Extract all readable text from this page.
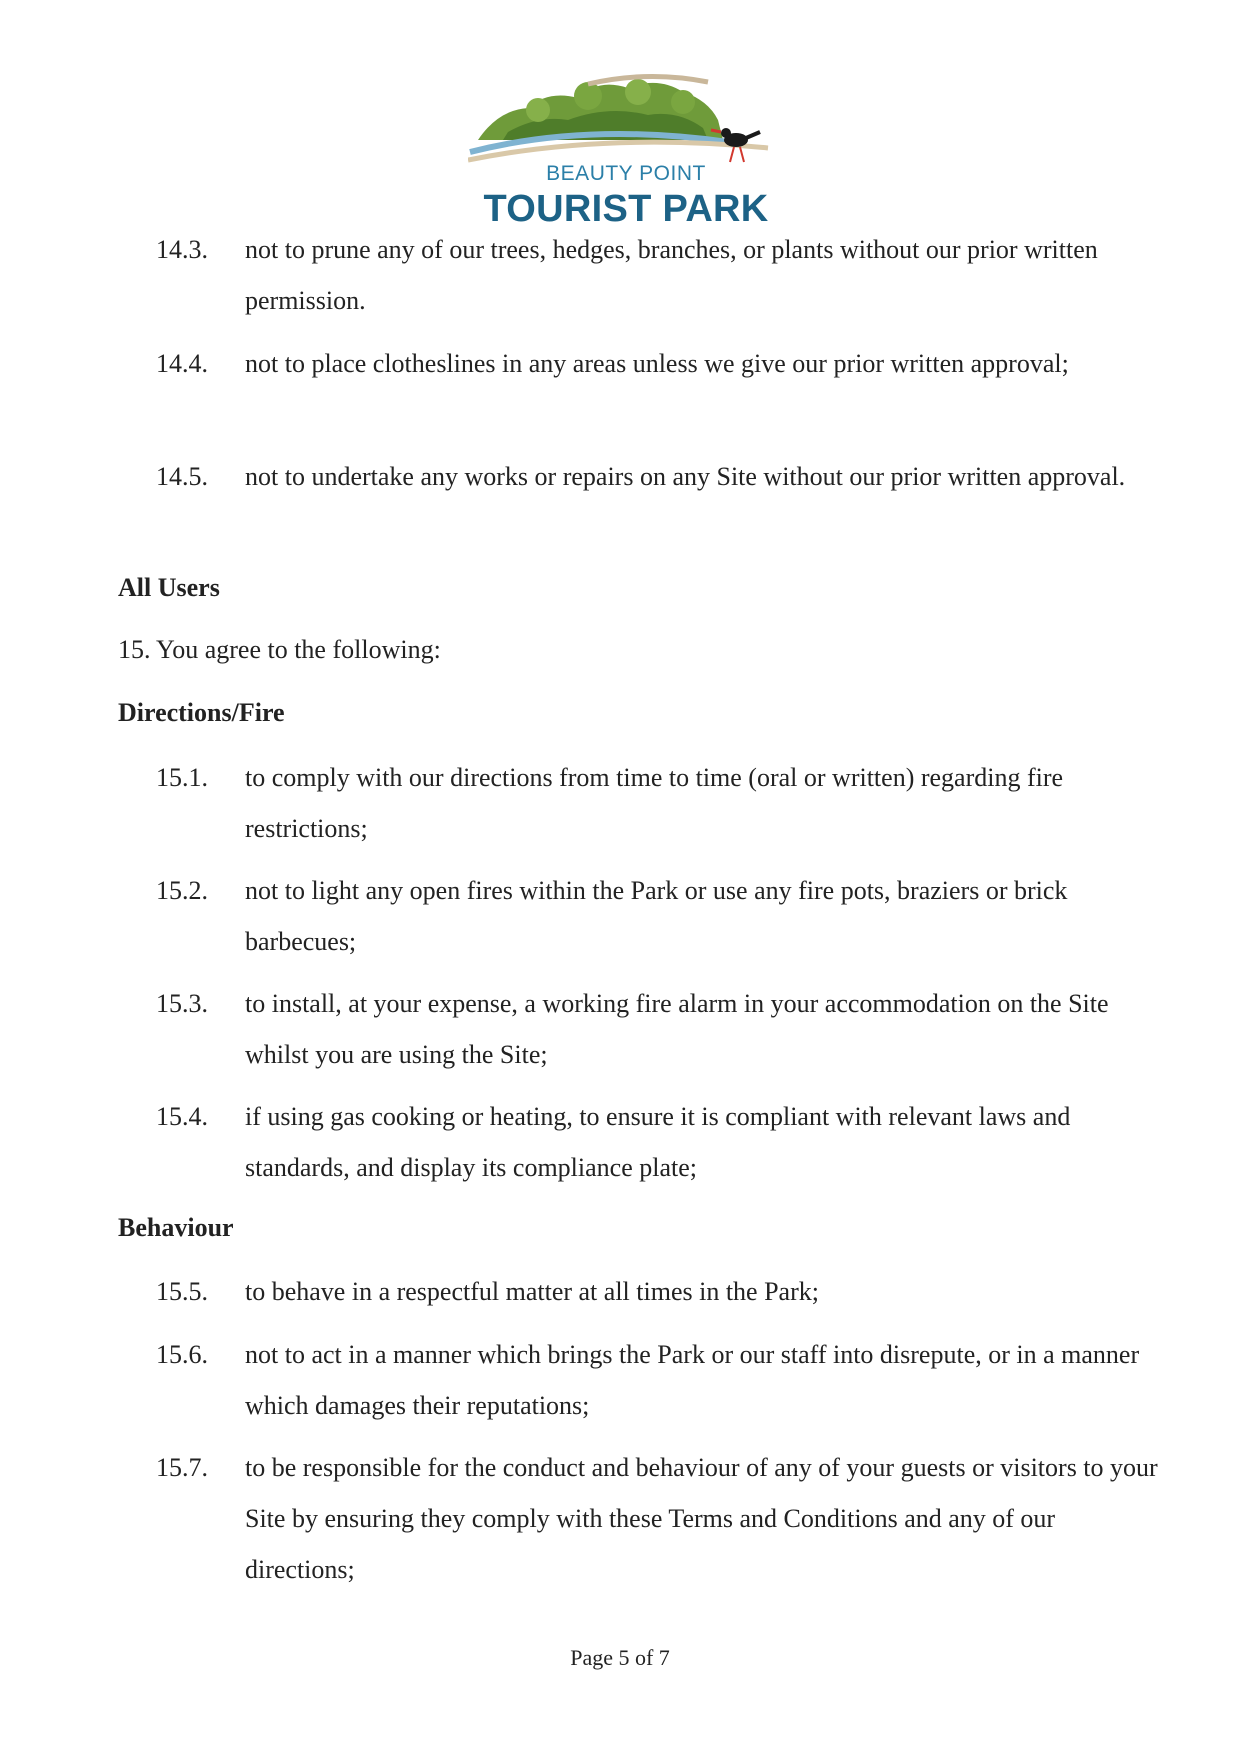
BEAUTY POINT
TOURIST PARK
14.3.	not to prune any of our trees, hedges, branches, or plants without our prior written permission.
14.4.	not to place clotheslines in any areas unless we give our prior written approval;
14.5.	not to undertake any works or repairs on any Site without our prior written approval.
All Users
15. You agree to the following:
Directions/Fire
15.1.	to comply with our directions from time to time (oral or written) regarding fire restrictions;
15.2.	not to light any open fires within the Park or use any fire pots, braziers or brick barbecues;
15.3.	to install, at your expense, a working fire alarm in your accommodation on the Site whilst you are using the Site;
15.4.	if using gas cooking or heating, to ensure it is compliant with relevant laws and standards, and display its compliance plate;
Behaviour
15.5.	to behave in a respectful matter at all times in the Park;
15.6.	not to act in a manner which brings the Park or our staff into disrepute, or in a manner which damages their reputations;
15.7.	to be responsible for the conduct and behaviour of any of your guests or visitors to your Site by ensuring they comply with these Terms and Conditions and any of our directions;
Page 5 of 7
